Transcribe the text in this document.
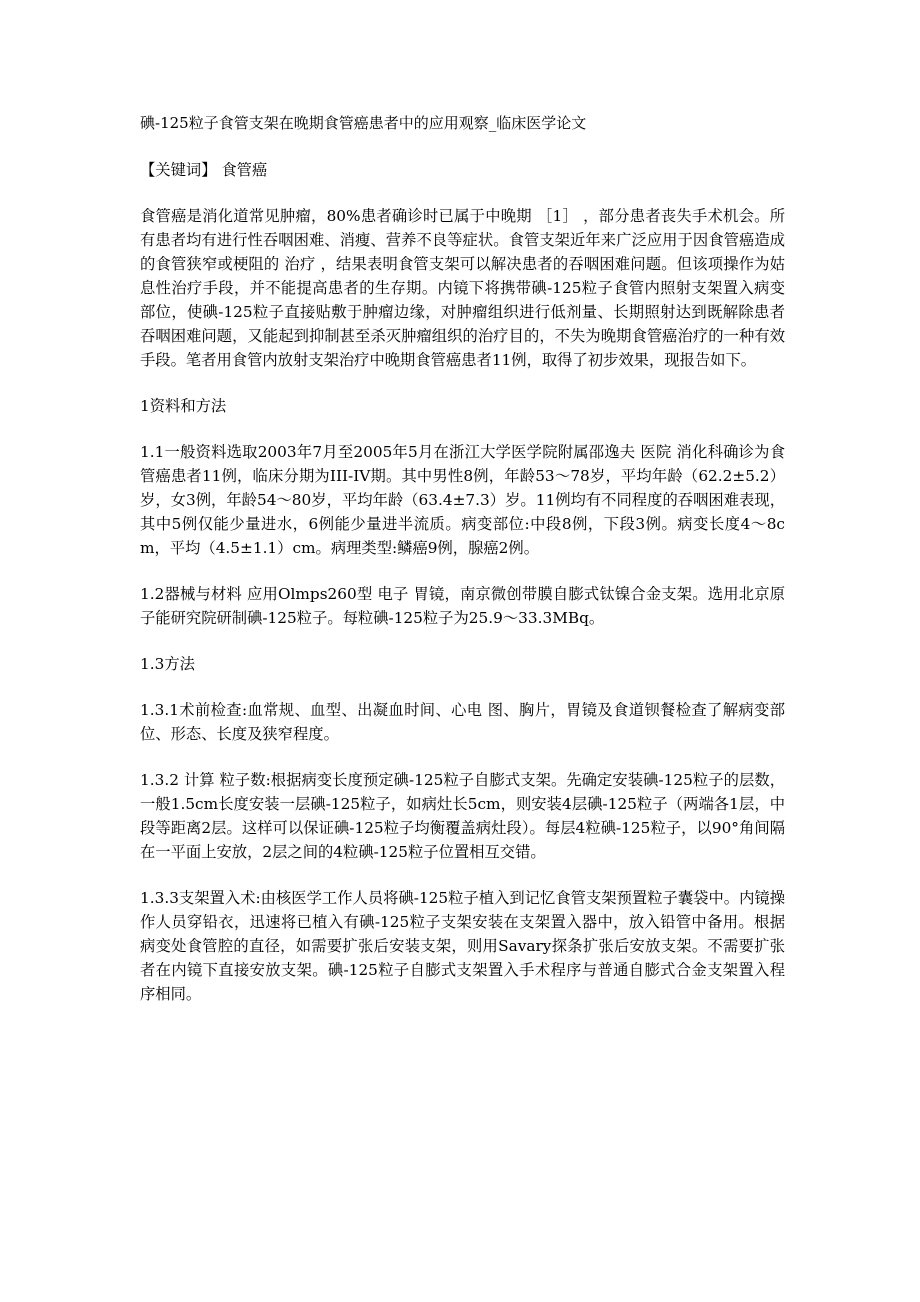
碘-125粒子食管支架在晚期食管癌患者中的应用观察_临床医学论文
【关键词】 食管癌

食管癌是消化道常见肿瘤，80%患者确诊时已属于中晚期 ［1］ ，部分患者丧失手术机会。所有患者均有进行性吞咽困难、消瘦、营养不良等症状。食管支架近年来广泛应用于因食管癌造成的食管狭窄或梗阻的 治疗 ，结果表明食管支架可以解决患者的吞咽困难问题。但该项操作为姑息性治疗手段，并不能提高患者的生存期。内镜下将携带碘-125粒子食管内照射支架置入病变部位，使碘-125粒子直接贴敷于肿瘤边缘，对肿瘤组织进行低剂量、长期照射达到既解除患者吞咽困难问题，又能起到抑制甚至杀灭肿瘤组织的治疗目的，不失为晚期食管癌治疗的一种有效手段。笔者用食管内放射支架治疗中晚期食管癌患者11例，取得了初步效果，现报告如下。

1资料和方法

1.1一般资料选取2003年7月至2005年5月在浙江大学医学院附属邵逸夫 医院 消化科确诊为食管癌患者11例，临床分期为III-IV期。其中男性8例，年龄53～78岁，平均年龄（62.2±5.2）岁，女3例，年龄54～80岁，平均年龄（63.4±7.3）岁。11例均有不同程度的吞咽困难表现，其中5例仅能少量进水，6例能少量进半流质。病变部位:中段8例，下段3例。病变长度4～8cm，平均（4.5±1.1）cm。病理类型:鳞癌9例，腺癌2例。

1.2器械与材料 应用Olmps260型 电子 胃镜，南京微创带膜自膨式钛镍合金支架。选用北京原子能研究院研制碘-125粒子。每粒碘-125粒子为25.9～33.3MBq。

1.3方法

1.3.1术前检查:血常规、血型、出凝血时间、心电 图、胸片，胃镜及食道钡餐检查了解病变部位、形态、长度及狭窄程度。

1.3.2 计算 粒子数:根据病变长度预定碘-125粒子自膨式支架。先确定安装碘-125粒子的层数，一般1.5cm长度安装一层碘-125粒子，如病灶长5cm，则安装4层碘-125粒子（两端各1层，中段等距离2层。这样可以保证碘-125粒子均衡覆盖病灶段）。每层4粒碘-125粒子，以90°角间隔在一平面上安放，2层之间的4粒碘-125粒子位置相互交错。

1.3.3支架置入术:由核医学工作人员将碘-125粒子植入到记忆食管支架预置粒子囊袋中。内镜操作人员穿铅衣，迅速将已植入有碘-125粒子支架安装在支架置入器中，放入铅管中备用。根据病变处食管腔的直径，如需要扩张后安装支架，则用Savary探条扩张后安放支架。不需要扩张者在内镜下直接安放支架。碘-125粒子自膨式支架置入手术程序与普通自膨式合金支架置入程序相同。
